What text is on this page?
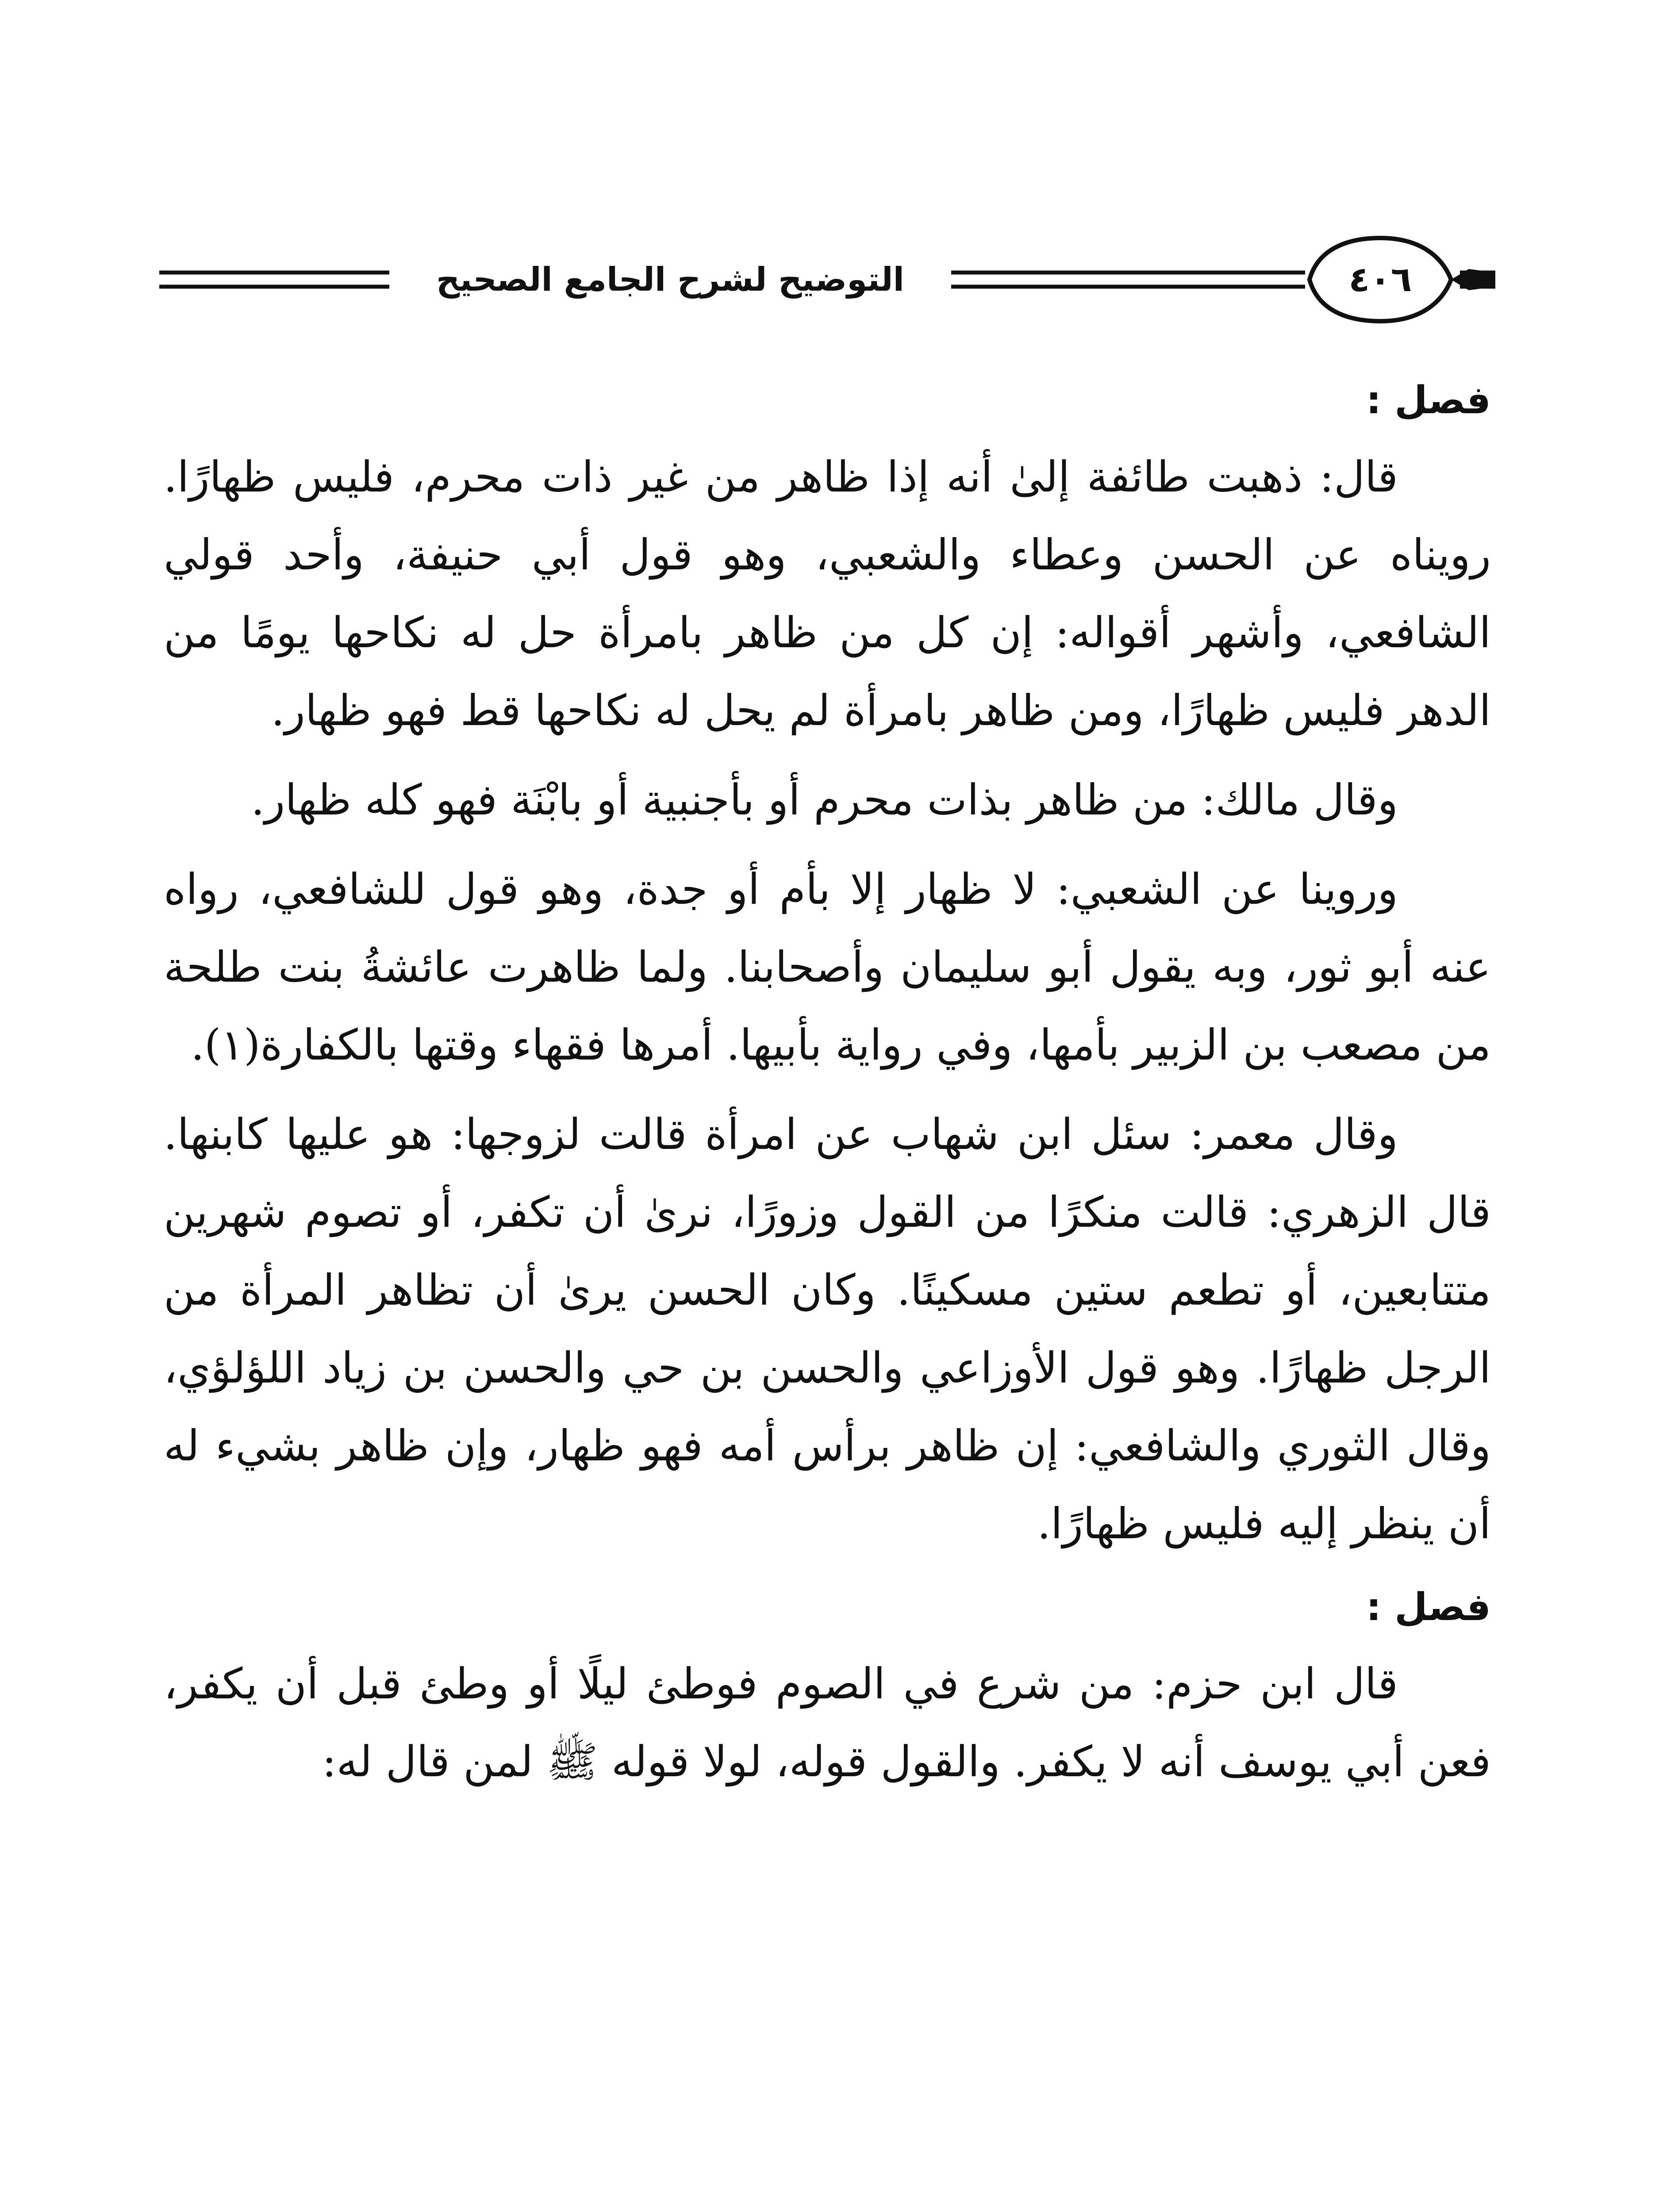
٤٠٦
التوضيح لشرح الجامع الصحيح
فصل :

قال: ذهبت طائفة إلىٰ أنه إذا ظاهر من غير ذات محرم، فليس ظهارًا. رويناه عن الحسن وعطاء والشعبي، وهو قول أبي حنيفة، وأحد قولي الشافعي، وأشهر أقواله: إن كل من ظاهر بامرأة حل له نكاحها يومًا من الدهر فليس ظهارًا، ومن ظاهر بامرأة لم يحل له نكاحها قط فهو ظهار.

وقال مالك: من ظاهر بذات محرم أو بأجنبية أو بابْنَة فهو كله ظهار.

وروينا عن الشعبي: لا ظهار إلا بأم أو جدة، وهو قول للشافعي، رواه عنه أبو ثور، وبه يقول أبو سليمان وأصحابنا. ولما ظاهرت عائشةُ بنت طلحة من مصعب بن الزبير بأمها، وفي رواية بأبيها. أمرها فقهاء وقتها بالكفارة(١).

وقال معمر: سئل ابن شهاب عن امرأة قالت لزوجها: هو عليها كابنها. قال الزهري: قالت منكرًا من القول وزورًا، نرىٰ أن تكفر، أو تصوم شهرين متتابعين، أو تطعم ستين مسكينًا. وكان الحسن يرىٰ أن تظاهر المرأة من الرجل ظهارًا. وهو قول الأوزاعي والحسن بن حي والحسن بن زياد اللؤلؤي، وقال الثوري والشافعي: إن ظاهر برأس أمه فهو ظهار، وإن ظاهر بشيء له أن ينظر إليه فليس ظهارًا.

فصل :

قال ابن حزم: من شرع في الصوم فوطئ ليلًا أو وطئ قبل أن يكفر، فعن أبي يوسف أنه لا يكفر. والقول قوله، لولا قوله ﷺ لمن قال له:
